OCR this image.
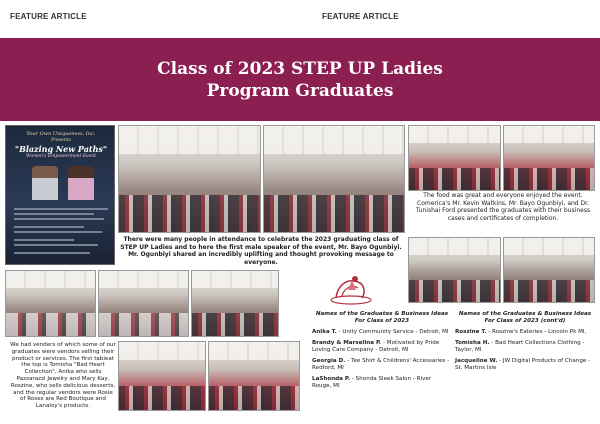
FEATURE ARTICLE	FEATURE ARTICLE
Class of 2023 STEP UP Ladies
Program Graduates
Your Own Uniqueness, Inc.
Presents
"Blazing New Paths"
Women's Empowerment Event
There were many people in attendance to celebrate the 2023 graduating class of STEP UP Ladies and to here the first male speaker of the event, Mr. Bayo Ogunbiyi. Mr. Ogunbiyi shared an incredibly uplifting and thought provoking message to everyone.
The food was great and everyone enjoyed the event. Comerica's Mr. Kevin Watkins, Mr. Bayo Ogunbiyi, and Dr. Tunishai Ford presented the graduates with their business cases and certificates of completion.
We had venders of which some of our graduates were vendors selling their product or services. The first tableat the top is Tomisha "Bad Heart Collection", Anika who sells Pazzarazzi Jewelry and Mary Kay, Roszine, who sells delicious desserts, and the regular vendors were Rosie of Roses are Red Boutique and Lanaloy's products.
Names of the Graduates & Business Ideas For Class of 2023
Anika T. - Unity Community Service - Detroit, MI
Brandy & Marselina P. - Motivated by Pride Loving Care Company - Detroit, MI
Georgia D. - Tee Shirt & Childrens' Accessaries - Redford, MI
LaShonda P. - Shonda Sleek Salon - River Rouge, MI
Names of the Graduates & Business Ideas For Class of 2023 (cont'd)
Roszine T. - Roszine's Eateries - Lincoln Pk MI,
Tomisha H. - Bad Heart Collections Clothing - Taylor, MI
Jacqueline W. - JW Digital Products of Change - St. Martins Isle
